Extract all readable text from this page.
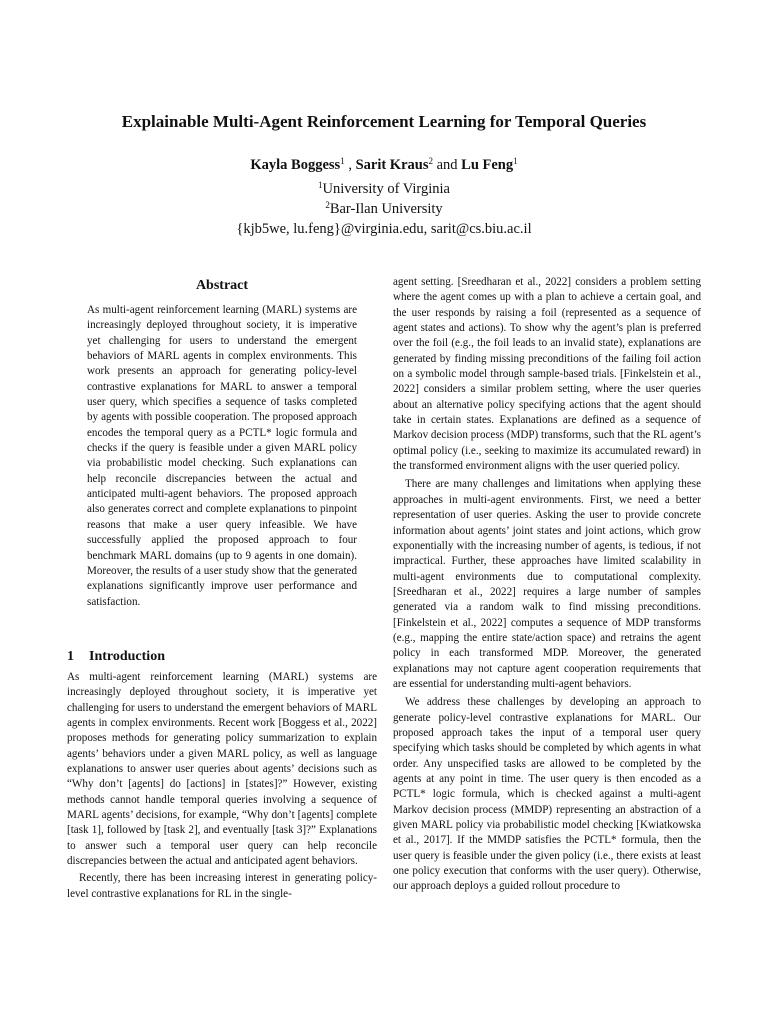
Explainable Multi-Agent Reinforcement Learning for Temporal Queries
Kayla Boggess$^1$ , Sarit Kraus$^2$ and Lu Feng$^1$
$^1$University of Virginia
$^2$Bar-Ilan University
{kjb5we, lu.feng}@virginia.edu, sarit@cs.biu.ac.il
Abstract

As multi-agent reinforcement learning (MARL) systems are increasingly deployed throughout society, it is imperative yet challenging for users to understand the emergent behaviors of MARL agents in complex environments. This work presents an approach for generating policy-level contrastive explanations for MARL to answer a temporal user query, which specifies a sequence of tasks completed by agents with possible cooperation. The proposed approach encodes the temporal query as a PCTL* logic formula and checks if the query is feasible under a given MARL policy via probabilistic model checking. Such explanations can help reconcile discrepancies between the actual and anticipated multi-agent behaviors. The proposed approach also generates correct and complete explanations to pinpoint reasons that make a user query infeasible. We have successfully applied the proposed approach to four benchmark MARL domains (up to 9 agents in one domain). Moreover, the results of a user study show that the generated explanations significantly improve user performance and satisfaction.

1 Introduction

As multi-agent reinforcement learning (MARL) systems are increasingly deployed throughout society, it is imperative yet challenging for users to understand the emergent behaviors of MARL agents in complex environments. Recent work [Boggess et al., 2022] proposes methods for generating policy summarization to explain agents’ behaviors under a given MARL policy, as well as language explanations to answer user queries about agents’ decisions such as “Why don’t [agents] do [actions] in [states]?” However, existing methods cannot handle temporal queries involving a sequence of MARL agents’ decisions, for example, “Why don’t [agents] complete [task 1], followed by [task 2], and eventually [task 3]?” Explanations to answer such a temporal user query can help reconcile discrepancies between the actual and anticipated agent behaviors.

Recently, there has been increasing interest in generating policy-level contrastive explanations for RL in the single-

agent setting. [Sreedharan et al., 2022] considers a problem setting where the agent comes up with a plan to achieve a certain goal, and the user responds by raising a foil (represented as a sequence of agent states and actions). To show why the agent’s plan is preferred over the foil (e.g., the foil leads to an invalid state), explanations are generated by finding missing preconditions of the failing foil action on a symbolic model through sample-based trials. [Finkelstein et al., 2022] considers a similar problem setting, where the user queries about an alternative policy specifying actions that the agent should take in certain states. Explanations are defined as a sequence of Markov decision process (MDP) transforms, such that the RL agent’s optimal policy (i.e., seeking to maximize its accumulated reward) in the transformed environment aligns with the user queried policy.

There are many challenges and limitations when applying these approaches in multi-agent environments. First, we need a better representation of user queries. Asking the user to provide concrete information about agents’ joint states and joint actions, which grow exponentially with the increasing number of agents, is tedious, if not impractical. Further, these approaches have limited scalability in multi-agent environments due to computational complexity. [Sreedharan et al., 2022] requires a large number of samples generated via a random walk to find missing preconditions. [Finkelstein et al., 2022] computes a sequence of MDP transforms (e.g., mapping the entire state/action space) and retrains the agent policy in each transformed MDP. Moreover, the generated explanations may not capture agent cooperation requirements that are essential for understanding multi-agent behaviors.

We address these challenges by developing an approach to generate policy-level contrastive explanations for MARL. Our proposed approach takes the input of a temporal user query specifying which tasks should be completed by which agents in what order. Any unspecified tasks are allowed to be completed by the agents at any point in time. The user query is then encoded as a PCTL* logic formula, which is checked against a multi-agent Markov decision process (MMDP) representing an abstraction of a given MARL policy via probabilistic model checking [Kwiatkowska et al., 2017]. If the MMDP satisfies the PCTL* formula, then the user query is feasible under the given policy (i.e., there exists at least one policy execution that conforms with the user query). Otherwise, our approach deploys a guided rollout procedure to
